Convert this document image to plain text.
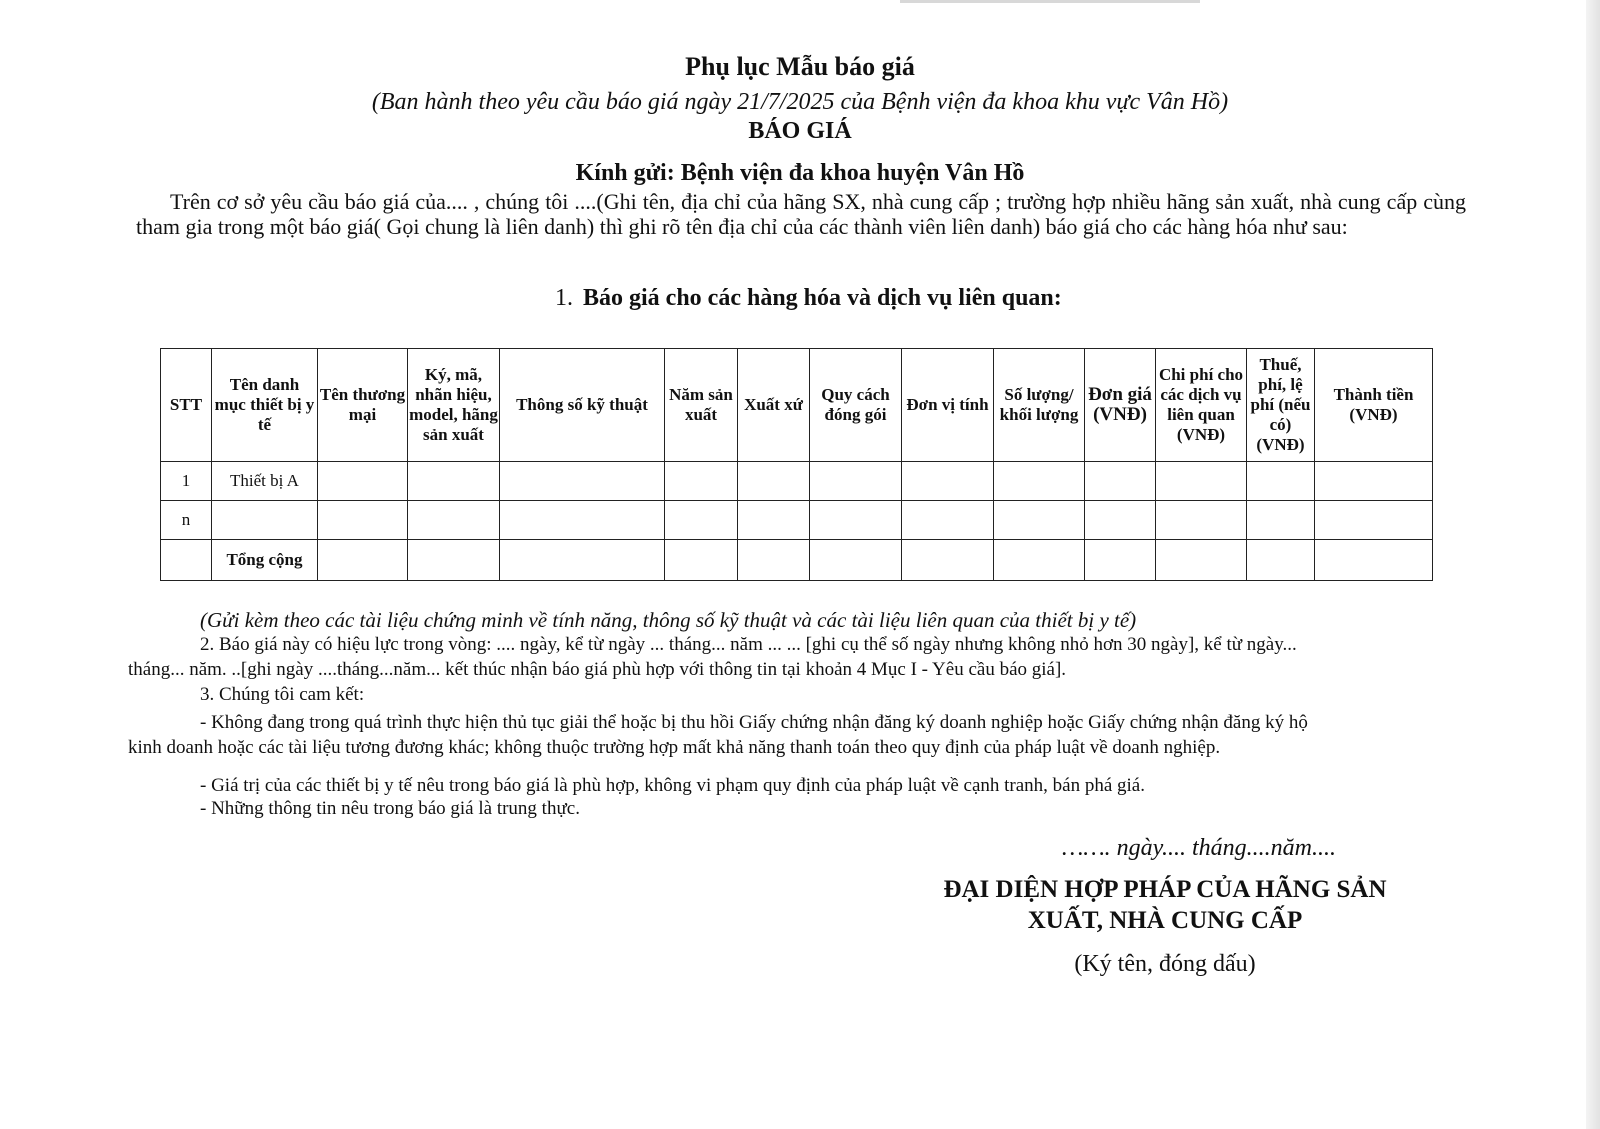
Phụ lục Mẫu báo giá
(Ban hành theo yêu cầu báo giá ngày 21/7/2025 của Bệnh viện đa khoa khu vực Vân Hồ)
BÁO GIÁ
Kính gửi: Bệnh viện đa khoa huyện Vân Hồ
Trên cơ sở yêu cầu báo giá của.... , chúng tôi ....(Ghi tên, địa chỉ của hãng SX, nhà cung cấp ; trường hợp nhiều hãng sản xuất, nhà cung cấp cùng tham gia trong một báo giá( Gọi chung là liên danh) thì ghi rõ tên địa chỉ của các thành viên liên danh) báo giá cho các hàng hóa như sau:
1. Báo giá cho các hàng hóa và dịch vụ liên quan:
STT	Tên danh mục thiết bị y tế	Tên thương mại	Ký, mã, nhãn hiệu, model, hãng sản xuất	Thông số kỹ thuật	Năm sản xuất	Xuất xứ	Quy cách đóng gói	Đơn vị tính	Số lượng/ khối lượng	Đơn giá (VNĐ)	Chi phí cho các dịch vụ liên quan (VNĐ)	Thuế, phí, lệ phí (nếu có) (VNĐ)	Thành tiền (VNĐ)
1	Thiết bị A												
n													
	Tổng cộng												
(Gửi kèm theo các tài liệu chứng minh về tính năng, thông số kỹ thuật và các tài liệu liên quan của thiết bị y tế)
2. Báo giá này có hiệu lực trong vòng: .... ngày, kể từ ngày ... tháng... năm ... ... [ghi cụ thể số ngày nhưng không nhỏ hơn 30 ngày], kể từ ngày...
tháng... năm. ..[ghi ngày ....tháng...năm... kết thúc nhận báo giá phù hợp với thông tin tại khoản 4 Mục I - Yêu cầu báo giá].
3. Chúng tôi cam kết:
- Không đang trong quá trình thực hiện thủ tục giải thể hoặc bị thu hồi Giấy chứng nhận đăng ký doanh nghiệp hoặc Giấy chứng nhận đăng ký hộ
kinh doanh hoặc các tài liệu tương đương khác; không thuộc trường hợp mất khả năng thanh toán theo quy định của pháp luật về doanh nghiệp.
- Giá trị của các thiết bị y tế nêu trong báo giá là phù hợp, không vi phạm quy định của pháp luật về cạnh tranh, bán phá giá.
- Những thông tin nêu trong báo giá là trung thực.
……. ngày.... tháng....năm....
ĐẠI DIỆN HỢP PHÁP CỦA HÃNG SẢN
XUẤT, NHÀ CUNG CẤP
(Ký tên, đóng dấu)
